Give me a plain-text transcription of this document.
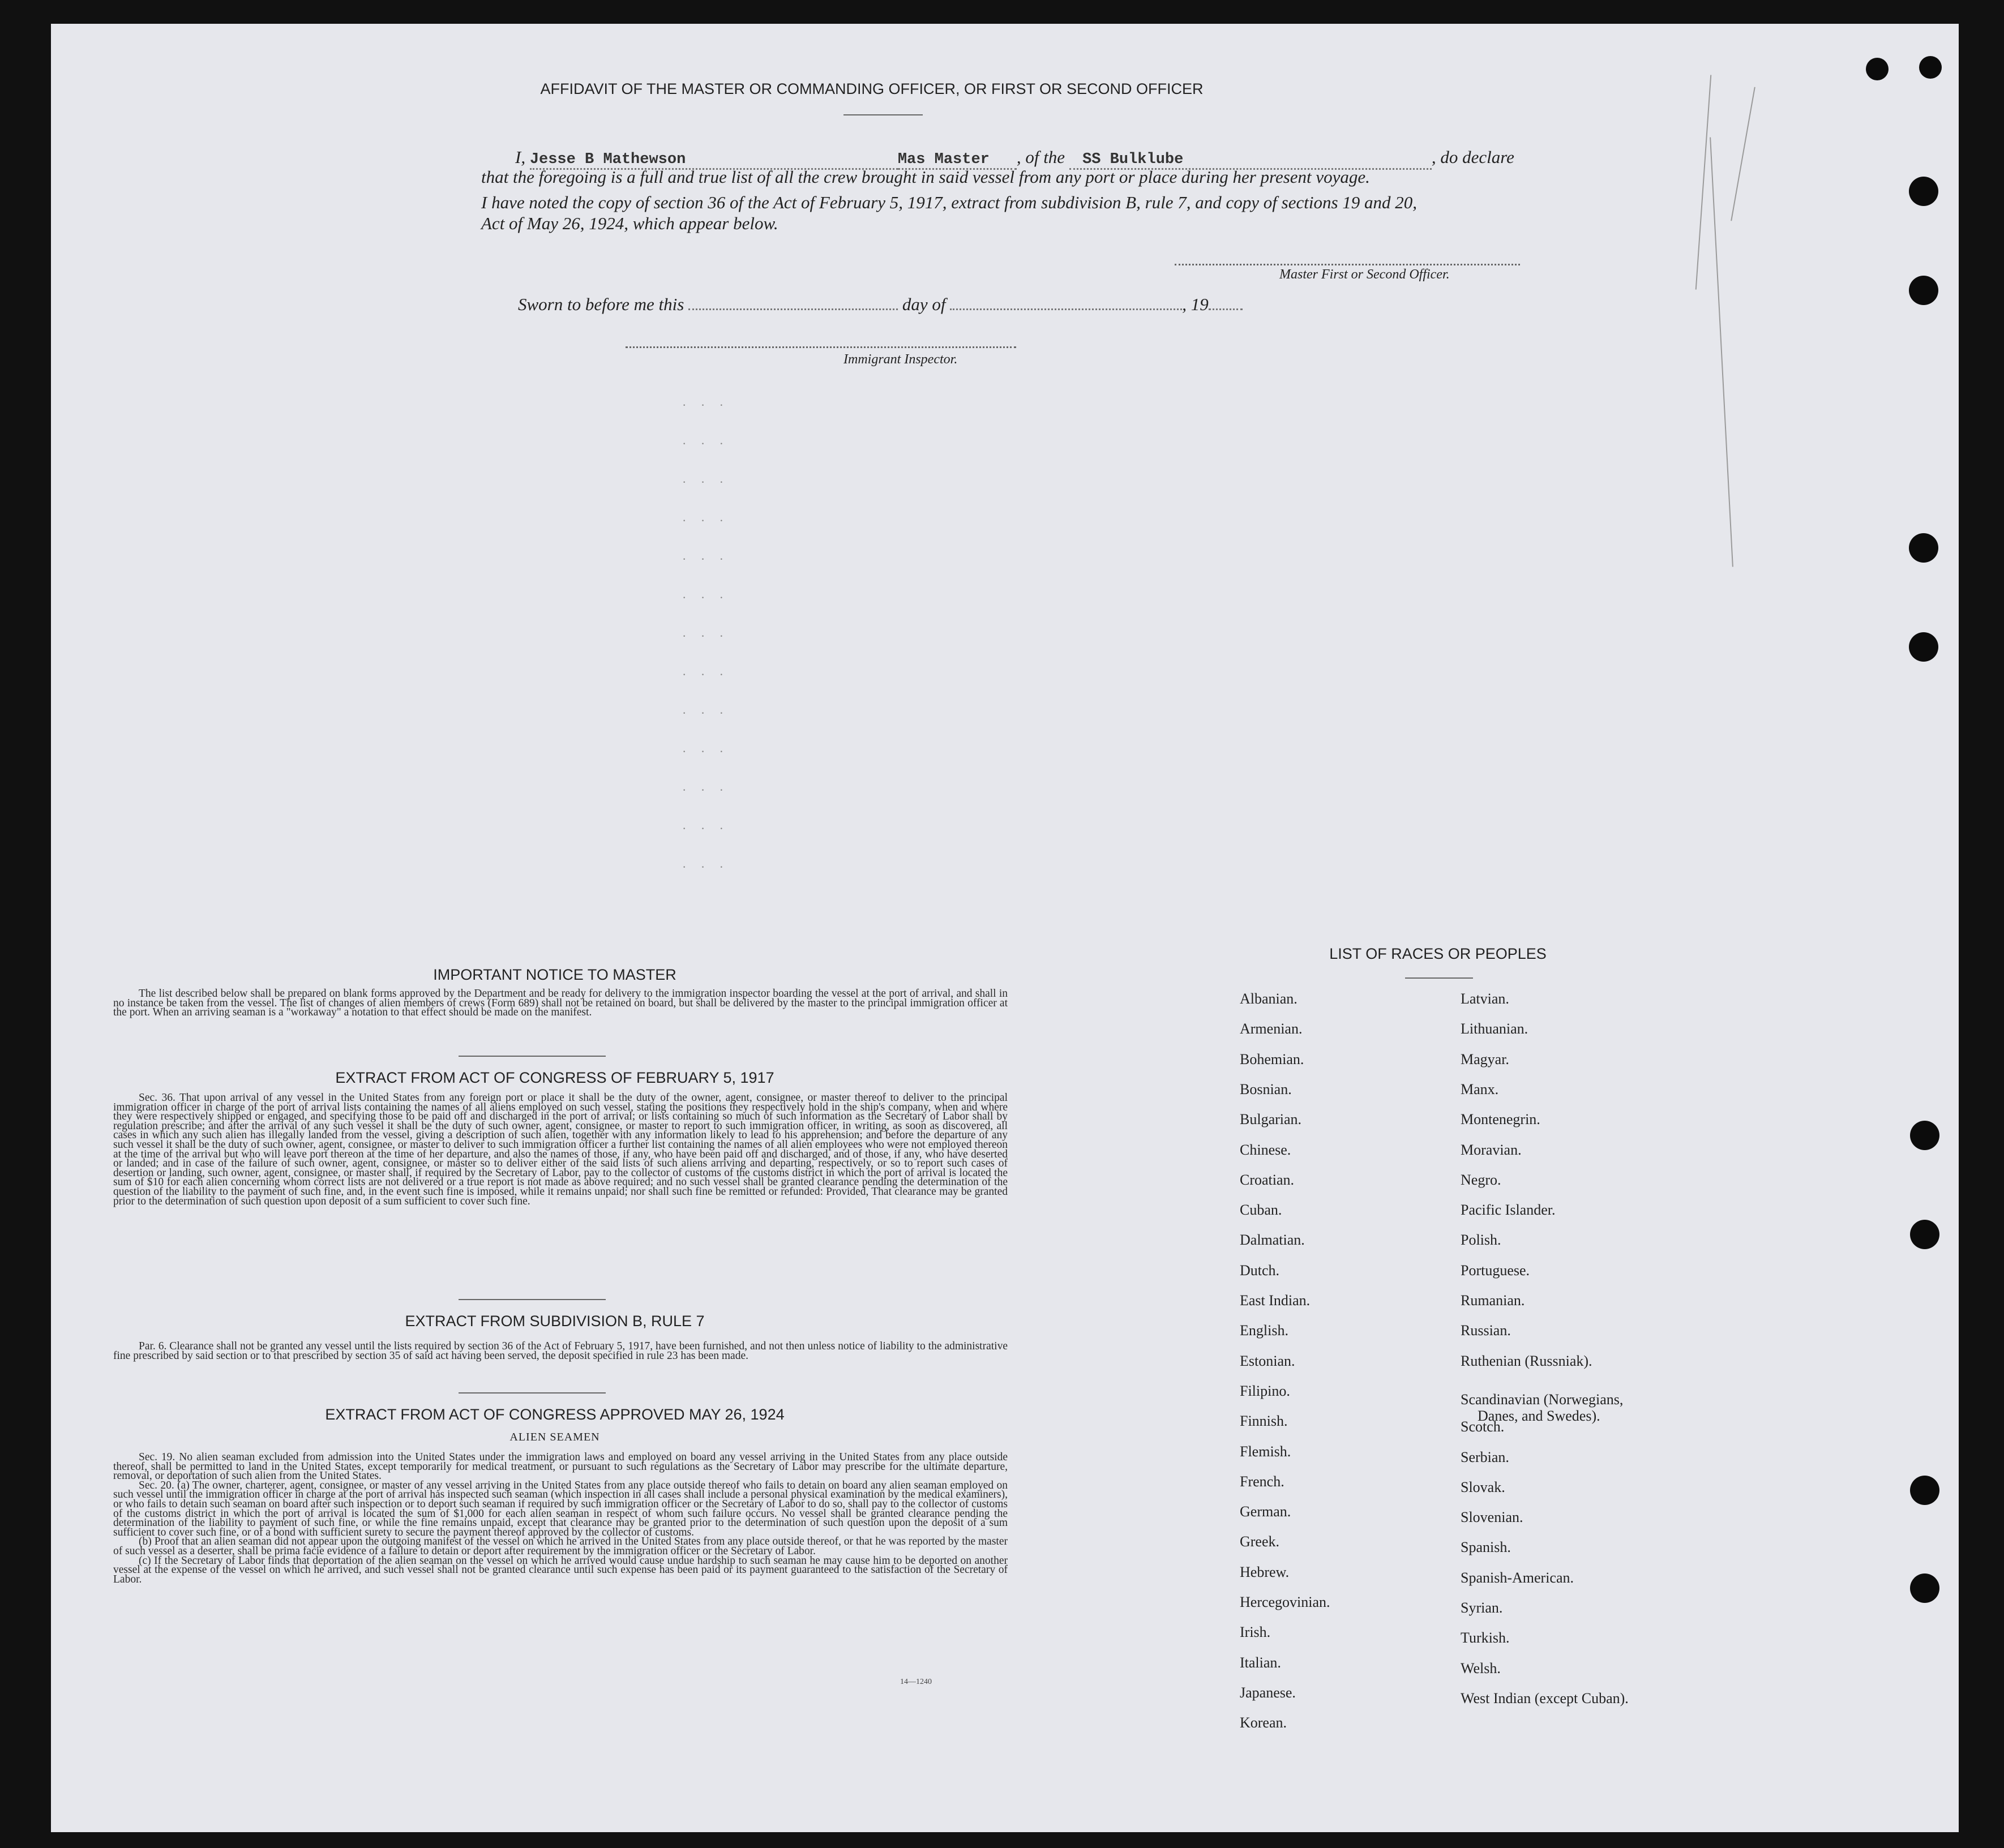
AFFIDAVIT OF THE MASTER OR COMMANDING OFFICER, OR FIRST OR SECOND OFFICER
I, Jesse B Mathewson	Mas Master , of the SS Bulklube	, do declare
that the foregoing is a full and true list of all the crew brought in said vessel from any port or place during her present voyage.
I have noted the copy of section 36 of the Act of February 5, 1917, extract from subdivision B, rule 7, and copy of sections 19 and 20,
Act of May 26, 1924, which appear below.
Master First or Second Officer.
Sworn to before me this	day of	, 19
Immigrant Inspector.
· · ·
· · ·
· · ·
· · ·
· · ·
· · ·
· · ·
· · ·
· · ·
· · ·
· · ·
· · ·
· · ·
IMPORTANT NOTICE TO MASTER
The list described below shall be prepared on blank forms approved by the Department and be ready for delivery to the immigration inspector boarding the vessel at the port of arrival, and shall in no instance be taken from the vessel. The list of changes of alien members of crews (Form 689) shall not be retained on board, but shall be delivered by the master to the principal immigration officer at the port. When an arriving seaman is a "workaway" a notation to that effect should be made on the manifest.
EXTRACT FROM ACT OF CONGRESS OF FEBRUARY 5, 1917
Sec. 36. That upon arrival of any vessel in the United States from any foreign port or place it shall be the duty of the owner, agent, consignee, or master thereof to deliver to the principal immigration officer in charge of the port of arrival lists containing the names of all aliens employed on such vessel, stating the positions they respectively hold in the ship's company, when and where they were respectively shipped or engaged, and specifying those to be paid off and discharged in the port of arrival; or lists containing so much of such information as the Secretary of Labor shall by regulation prescribe; and after the arrival of any such vessel it shall be the duty of such owner, agent, consignee, or master to report to such immigration officer, in writing, as soon as discovered, all cases in which any such alien has illegally landed from the vessel, giving a description of such alien, together with any information likely to lead to his apprehension; and before the departure of any such vessel it shall be the duty of such owner, agent, consignee, or master to deliver to such immigration officer a further list containing the names of all alien employees who were not employed thereon at the time of the arrival but who will leave port thereon at the time of her departure, and also the names of those, if any, who have been paid off and discharged, and of those, if any, who have deserted or landed; and in case of the failure of such owner, agent, consignee, or master so to deliver either of the said lists of such aliens arriving and departing, respectively, or so to report such cases of desertion or landing, such owner, agent, consignee, or master shall, if required by the Secretary of Labor, pay to the collector of customs of the customs district in which the port of arrival is located the sum of $10 for each alien concerning whom correct lists are not delivered or a true report is not made as above required; and no such vessel shall be granted clearance pending the determination of the question of the liability to the payment of such fine, and, in the event such fine is imposed, while it remains unpaid; nor shall such fine be remitted or refunded: Provided, That clearance may be granted prior to the determination of such question upon deposit of a sum sufficient to cover such fine.
EXTRACT FROM SUBDIVISION B, RULE 7
Par. 6. Clearance shall not be granted any vessel until the lists required by section 36 of the Act of February 5, 1917, have been furnished, and not then unless notice of liability to the administrative fine prescribed by said section or to that prescribed by section 35 of said act having been served, the deposit specified in rule 23 has been made.
EXTRACT FROM ACT OF CONGRESS APPROVED MAY 26, 1924
ALIEN SEAMEN
Sec. 19. No alien seaman excluded from admission into the United States under the immigration laws and employed on board any vessel arriving in the United States from any place outside thereof, shall be permitted to land in the United States, except temporarily for medical treatment, or pursuant to such regulations as the Secretary of Labor may prescribe for the ultimate departure, removal, or deportation of such alien from the United States.
Sec. 20. (a) The owner, charterer, agent, consignee, or master of any vessel arriving in the United States from any place outside thereof who fails to detain on board any alien seaman employed on such vessel until the immigration officer in charge at the port of arrival has inspected such seaman (which inspection in all cases shall include a personal physical examination by the medical examiners), or who fails to detain such seaman on board after such inspection or to deport such seaman if required by such immigration officer or the Secretary of Labor to do so, shall pay to the collector of customs of the customs district in which the port of arrival is located the sum of $1,000 for each alien seaman in respect of whom such failure occurs. No vessel shall be granted clearance pending the determination of the liability to payment of such fine, or while the fine remains unpaid, except that clearance may be granted prior to the determination of such question upon the deposit of a sum sufficient to cover such fine, or of a bond with sufficient surety to secure the payment thereof approved by the collector of customs.
(b) Proof that an alien seaman did not appear upon the outgoing manifest of the vessel on which he arrived in the United States from any place outside thereof, or that he was reported by the master of such vessel as a deserter, shall be prima facie evidence of a failure to detain or deport after requirement by the immigration officer or the Secretary of Labor.
(c) If the Secretary of Labor finds that deportation of the alien seaman on the vessel on which he arrived would cause undue hardship to such seaman he may cause him to be deported on another vessel at the expense of the vessel on which he arrived, and such vessel shall not be granted clearance until such expense has been paid or its payment guaranteed to the satisfaction of the Secretary of Labor.
14—1240
LIST OF RACES OR PEOPLES
Albanian.
Armenian.
Bohemian.
Bosnian.
Bulgarian.
Chinese.
Croatian.
Cuban.
Dalmatian.
Dutch.
East Indian.
English.
Estonian.
Filipino.
Finnish.
Flemish.
French.
German.
Greek.
Hebrew.
Hercegovinian.
Irish.
Italian.
Japanese.
Korean.
Latvian.
Lithuanian.
Magyar.
Manx.
Montenegrin.
Moravian.
Negro.
Pacific Islander.
Polish.
Portuguese.
Rumanian.
Russian.
Ruthenian (Russniak).
Scandinavian (Norwegians,
Danes, and Swedes).
Scotch.
Serbian.
Slovak.
Slovenian.
Spanish.
Spanish-American.
Syrian.
Turkish.
Welsh.
West Indian (except Cuban).
